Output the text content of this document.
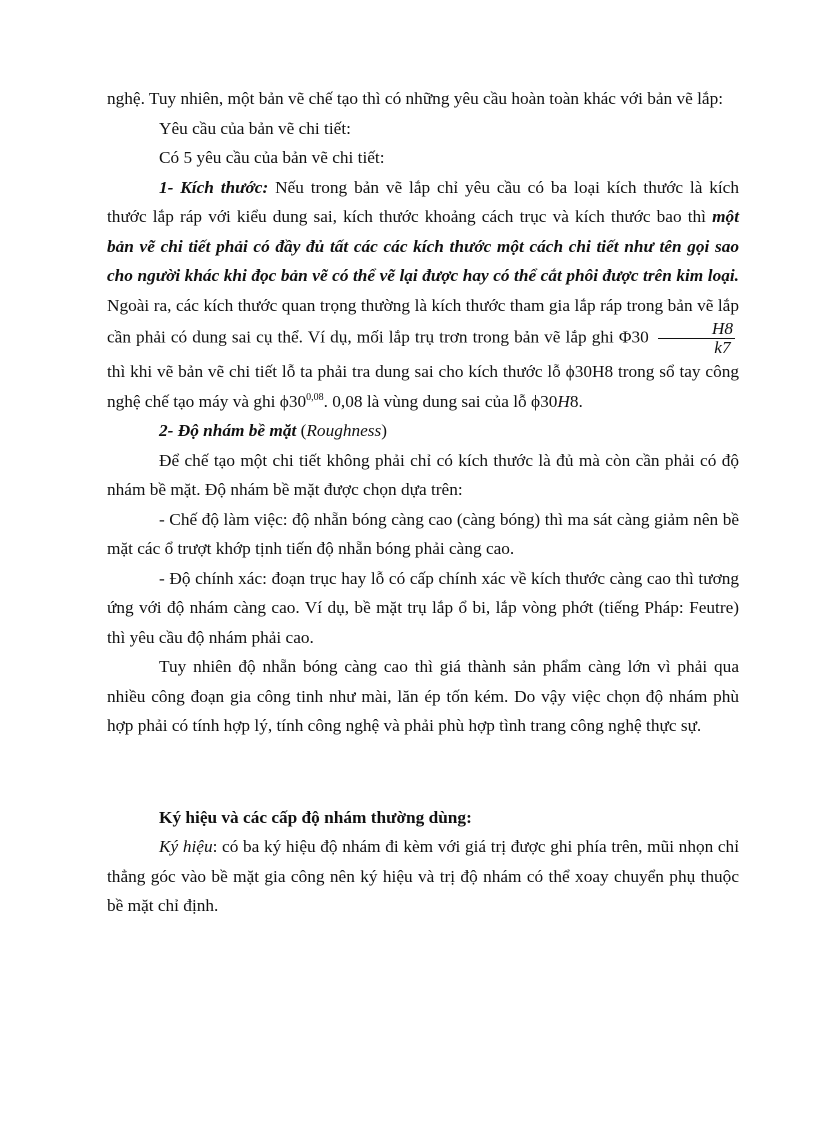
nghệ. Tuy nhiên, một bản vẽ chế tạo thì có những yêu cầu hoàn toàn khác với bản vẽ lắp:

Yêu cầu của bản vẽ chi tiết:

Có 5 yêu cầu của bản vẽ chi tiết:

1- Kích thước: Nếu trong bản vẽ lắp chỉ yêu cầu có ba loại kích thước là kích thước lắp ráp với kiểu dung sai, kích thước khoảng cách trục và kích thước bao thì một bản vẽ chi tiết phải có đầy đủ tất các các kích thước một cách chi tiết như tên gọi sao cho người khác khi đọc bản vẽ có thể vẽ lại được hay có thể cắt phôi được trên kim loại. Ngoài ra, các kích thước quan trọng thường là kích thước tham gia lắp ráp trong bản vẽ lắp cần phải có dung sai cụ thể. Ví dụ, mối lắp trụ trơn trong bản vẽ lắp ghi $\Phi 30 \frac{H8}{k7}$
thì khi vẽ bản vẽ chi tiết lỗ ta phải tra dung sai cho kích thước lỗ ϕ30H8 trong sổ tay công nghệ chế tạo máy và ghi ϕ30$^{0,08}$. 0,08 là vùng dung sai của lỗ ϕ30H8.

2- Độ nhám bề mặt (Roughness)

Để chế tạo một chi tiết không phải chỉ có kích thước là đủ mà còn cần phải có độ nhám bề mặt. Độ nhám bề mặt được chọn dựa trên:

- Chế độ làm việc: độ nhẵn bóng càng cao (càng bóng) thì ma sát càng giảm nên bề mặt các ổ trượt khớp tịnh tiến độ nhẵn bóng phải càng cao.

- Độ chính xác: đoạn trục hay lỗ có cấp chính xác về kích thước càng cao thì tương ứng với độ nhám càng cao. Ví dụ, bề mặt trụ lắp ổ bi, lắp vòng phớt (tiếng Pháp: Feutre) thì yêu cầu độ nhám phải cao.

Tuy nhiên độ nhẵn bóng càng cao thì giá thành sản phẩm càng lớn vì phải qua nhiều công đoạn gia công tinh như mài, lăn ép tốn kém. Do vậy việc chọn độ nhám phù hợp phải có tính hợp lý, tính công nghệ và phải phù hợp tình trang công nghệ thực sự.

Ký hiệu và các cấp độ nhám thường dùng:

Ký hiệu: có ba ký hiệu độ nhám đi kèm với giá trị được ghi phía trên, mũi nhọn chỉ thẳng góc vào bề mặt gia công nên ký hiệu và trị độ nhám có thể xoay chuyển phụ thuộc bề mặt chỉ định.
